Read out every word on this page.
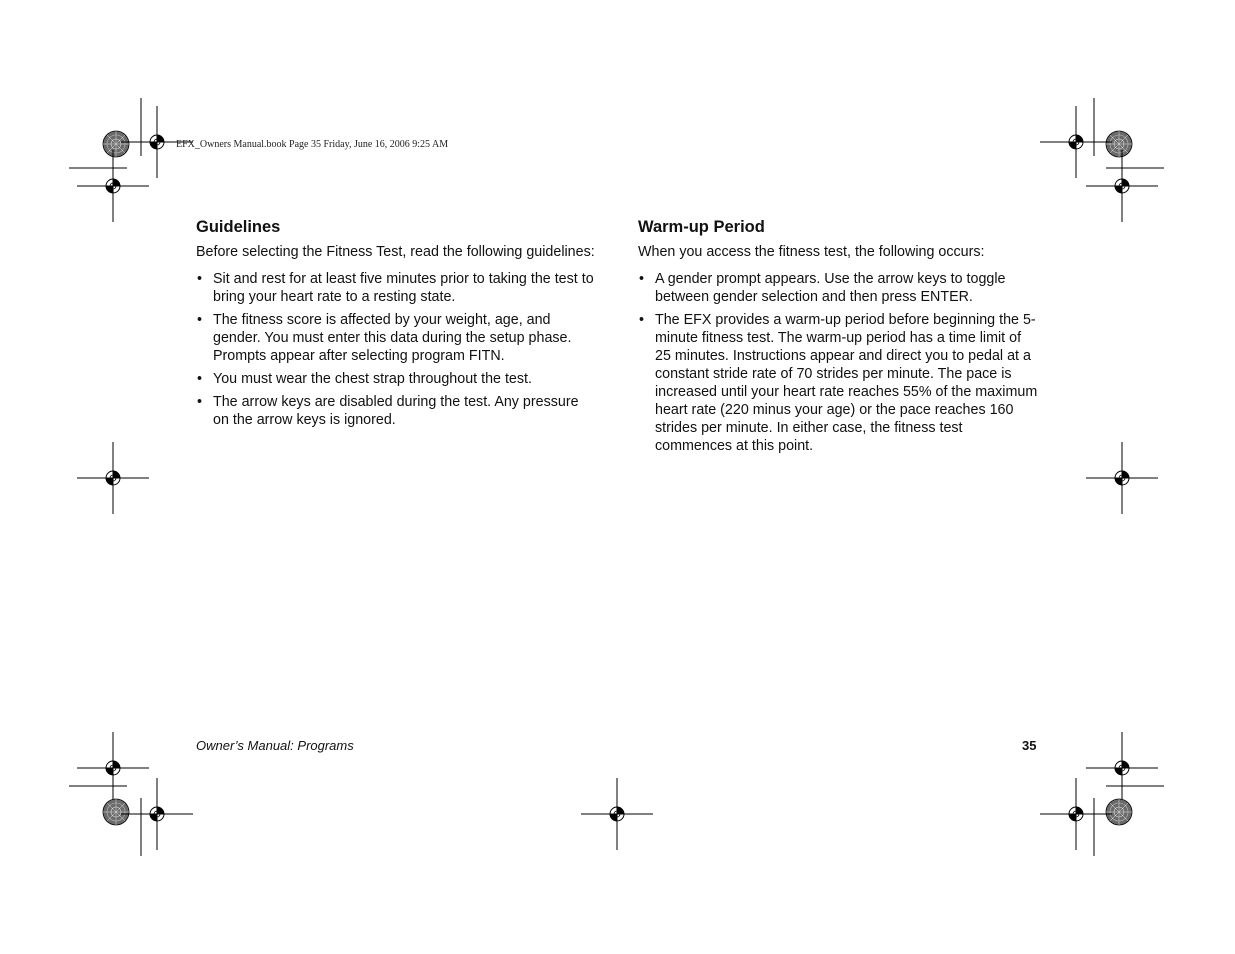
EFX_Owners Manual.book Page 35 Friday, June 16, 2006 9:25 AM
Guidelines

Before selecting the Fitness Test, read the following guidelines:

• Sit and rest for at least five minutes prior to taking the test to bring your heart rate to a resting state.
• The fitness score is affected by your weight, age, and gender. You must enter this data during the setup phase. Prompts appear after selecting program FITN.
• You must wear the chest strap throughout the test.
• The arrow keys are disabled during the test. Any pressure on the arrow keys is ignored.
Warm-up Period

When you access the fitness test, the following occurs:

• A gender prompt appears. Use the arrow keys to toggle between gender selection and then press ENTER.
• The EFX provides a warm-up period before beginning the 5-minute fitness test. The warm-up period has a time limit of 25 minutes. Instructions appear and direct you to pedal at a constant stride rate of 70 strides per minute. The pace is increased until your heart rate reaches 55% of the maximum heart rate (220 minus your age) or the pace reaches 160 strides per minute. In either case, the fitness test commences at this point.
Owner’s Manual: Programs	35
